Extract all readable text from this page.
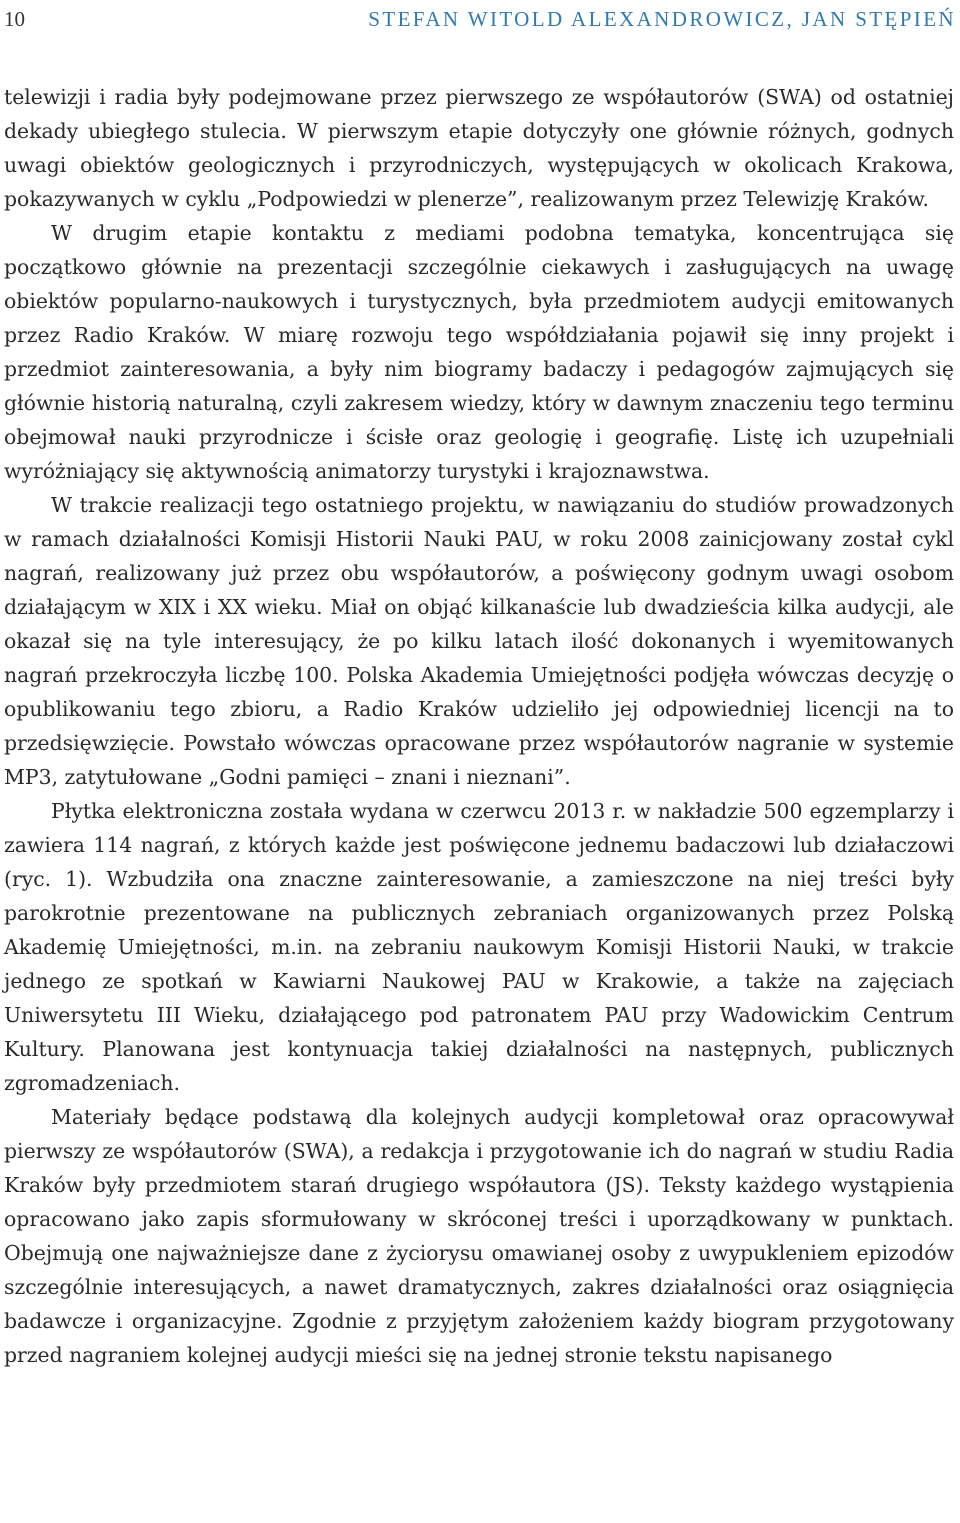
10	STEFAN WITOLD ALEXANDROWICZ, JAN STĘPIEŃ

telewizji i radia były podejmowane przez pierwszego ze współautorów (SWA) od ostatniej dekady ubiegłego stulecia. W pierwszym etapie dotyczyły one głównie różnych, godnych uwagi obiektów geologicznych i przyrodniczych, występujących w okolicach Krakowa, pokazywanych w cyklu „Podpowiedzi w plenerze”, realizowanym przez Telewizję Kraków.

W drugim etapie kontaktu z mediami podobna tematyka, koncentrująca się początkowo głównie na prezentacji szczególnie ciekawych i zasługujących na uwagę obiektów popularno-naukowych i turystycznych, była przedmiotem audycji emitowanych przez Radio Kraków. W miarę rozwoju tego współdziałania pojawił się inny projekt i przedmiot zainteresowania, a były nim biogramy badaczy i pedagogów zajmujących się głównie historią naturalną, czyli zakresem wiedzy, który w dawnym znaczeniu tego terminu obejmował nauki przyrodnicze i ścisłe oraz geologię i geografię. Listę ich uzupełniali wyróżniający się aktywnością animatorzy turystyki i krajoznawstwa.

W trakcie realizacji tego ostatniego projektu, w nawiązaniu do studiów prowadzonych w ramach działalności Komisji Historii Nauki PAU, w roku 2008 zainicjowany został cykl nagrań, realizowany już przez obu współautorów, a poświęcony godnym uwagi osobom działającym w XIX i XX wieku. Miał on objąć kilkanaście lub dwadzieścia kilka audycji, ale okazał się na tyle interesujący, że po kilku latach ilość dokonanych i wyemitowanych nagrań przekroczyła liczbę 100. Polska Akademia Umiejętności podjęła wówczas decyzję o opublikowaniu tego zbioru, a Radio Kraków udzieliło jej odpowiedniej licencji na to przedsięwzięcie. Powstało wówczas opracowane przez współautorów nagranie w systemie MP3, zatytułowane „Godni pamięci – znani i nieznani”.

Płytka elektroniczna została wydana w czerwcu 2013 r. w nakładzie 500 egzemplarzy i zawiera 114 nagrań, z których każde jest poświęcone jednemu badaczowi lub działaczowi (ryc. 1). Wzbudziła ona znaczne zainteresowanie, a zamieszczone na niej treści były parokrotnie prezentowane na publicznych zebraniach organizowanych przez Polską Akademię Umiejętności, m.in. na zebraniu naukowym Komisji Historii Nauki, w trakcie jednego ze spotkań w Kawiarni Naukowej PAU w Krakowie, a także na zajęciach Uniwersytetu III Wieku, działającego pod patronatem PAU przy Wadowickim Centrum Kultury. Planowana jest kontynuacja takiej działalności na następnych, publicznych zgromadzeniach.

Materiały będące podstawą dla kolejnych audycji kompletował oraz opracowywał pierwszy ze współautorów (SWA), a redakcja i przygotowanie ich do nagrań w studiu Radia Kraków były przedmiotem starań drugiego współautora (JS). Teksty każdego wystąpienia opracowano jako zapis sformułowany w skróconej treści i uporządkowany w punktach. Obejmują one najważniejsze dane z życiorysu omawianej osoby z uwypukleniem epizodów szczególnie interesujących, a nawet dramatycznych, zakres działalności oraz osiągnięcia badawcze i organizacyjne. Zgodnie z przyjętym założeniem każdy biogram przygotowany przed nagraniem kolejnej audycji mieści się na jednej stronie tekstu napisanego
